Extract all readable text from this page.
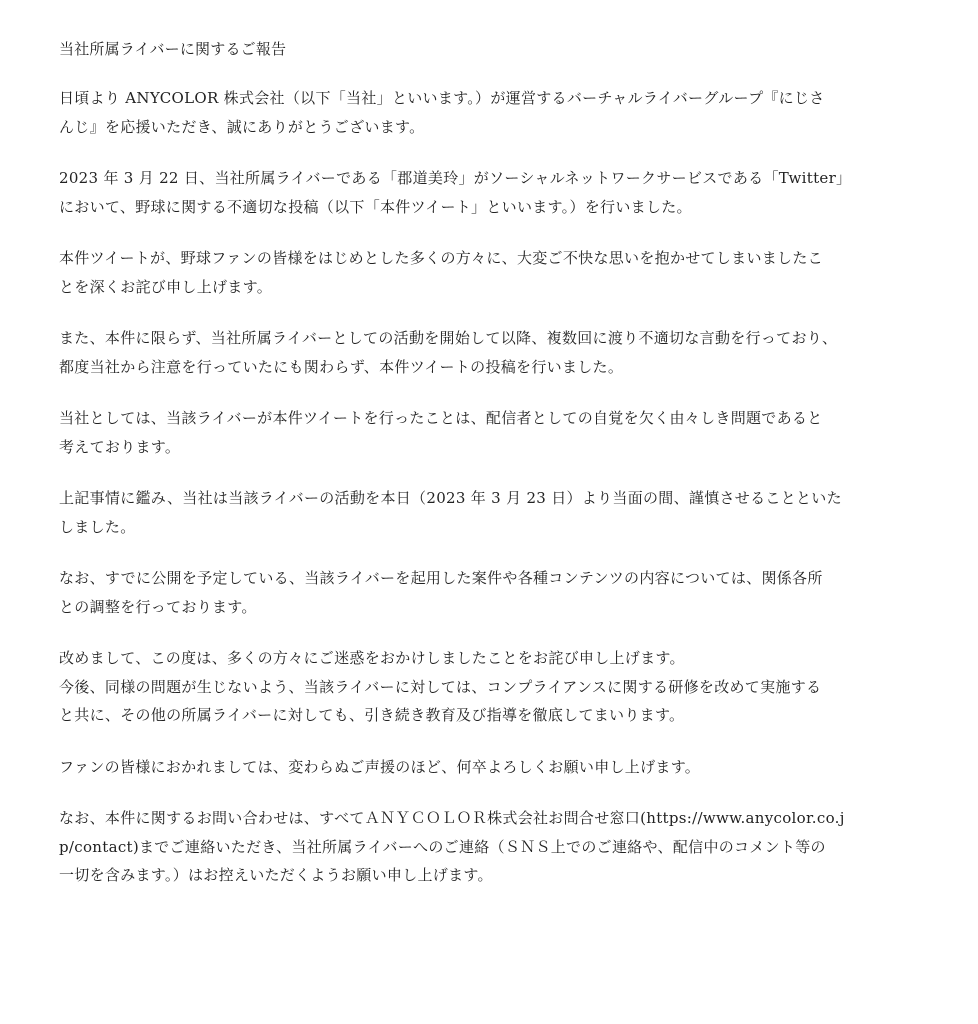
当社所属ライバーに関するご報告

日頃より ANYCOLOR 株式会社（以下「当社」といいます。）が運営するバーチャルライバーグループ『にじさ
んじ』を応援いただき、誠にありがとうございます。

2023 年 3 月 22 日、当社所属ライバーである「郡道美玲」がソーシャルネットワークサービスである「Twitter」
において、野球に関する不適切な投稿（以下「本件ツイート」といいます。）を行いました。

本件ツイートが、野球ファンの皆様をはじめとした多くの方々に、大変ご不快な思いを抱かせてしまいましたこ
とを深くお詫び申し上げます。

また、本件に限らず、当社所属ライバーとしての活動を開始して以降、複数回に渡り不適切な言動を行っており、
都度当社から注意を行っていたにも関わらず、本件ツイートの投稿を行いました。

当社としては、当該ライバーが本件ツイートを行ったことは、配信者としての自覚を欠く由々しき問題であると
考えております。

上記事情に鑑み、当社は当該ライバーの活動を本日（2023 年 3 月 23 日）より当面の間、謹慎させることといた
しました。

なお、すでに公開を予定している、当該ライバーを起用した案件や各種コンテンツの内容については、関係各所
との調整を行っております。

改めまして、この度は、多くの方々にご迷惑をおかけしましたことをお詫び申し上げます。
今後、同様の問題が生じないよう、当該ライバーに対しては、コンプライアンスに関する研修を改めて実施する
と共に、その他の所属ライバーに対しても、引き続き教育及び指導を徹底してまいります。

ファンの皆様におかれましては、変わらぬご声援のほど、何卒よろしくお願い申し上げます。

なお、本件に関するお問い合わせは、すべてＡＮＹＣＯＬＯＲ株式会社お問合せ窓口(https://www.anycolor.co.j
p/contact)までご連絡いただき、当社所属ライバーへのご連絡（ＳＮＳ上でのご連絡や、配信中のコメント等の
一切を含みます。）はお控えいただくようお願い申し上げます。
